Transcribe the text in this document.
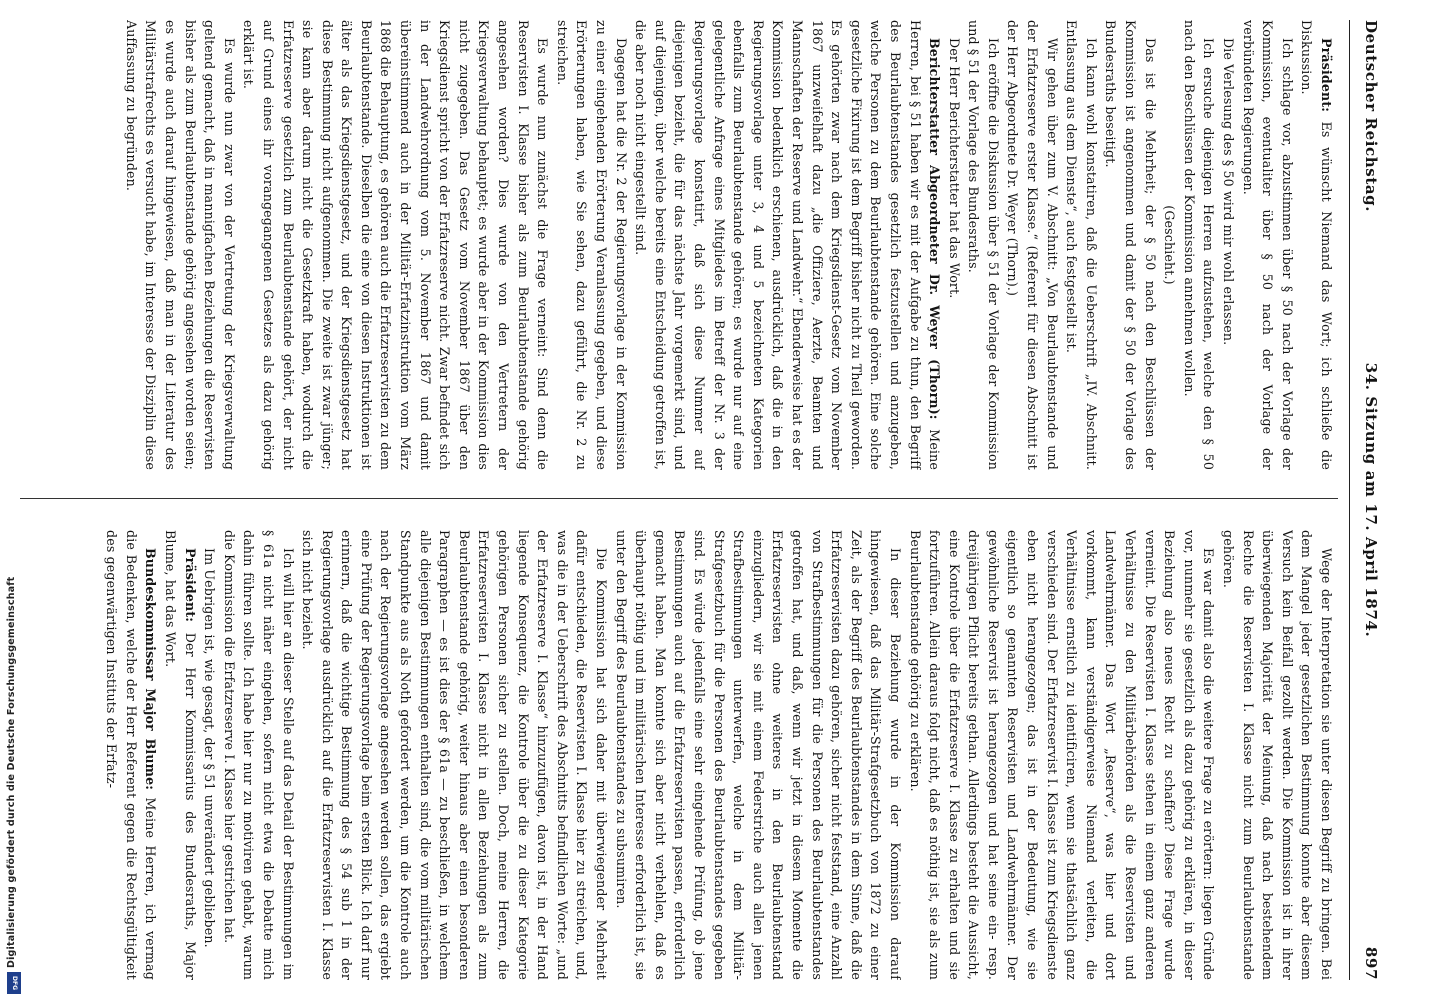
Deutscher Reichstag.
34. Sitzung am 17. April 1874.
897

Präsident: Es wünscht Niemand das Wort; ich schließe die Diskussion.

Ich schlage vor, abzustimmen über § 50 nach der Vorlage der Kommission, eventualiter über § 50 nach der Vorlage der verbündeten Regierungen.

Die Verlesung des § 50 wird mir wohl erlassen.

Ich ersuche diejenigen Herren aufzustehen, welche den § 50 nach den Beschlüssen der Kommission annehmen wollen.

(Geschieht.)

Das ist die Mehrheit; der § 50 nach den Beschlüssen der Kommission ist angenommen und damit der § 50 der Vorlage des Bundesraths beseitigt.

Ich kann wohl konstatiren, daß die Ueberschrift „IV. Abschnitt. Entlassung aus dem Dienste“, auch festgestellt ist.

Wir gehen über zum V. Abschnitt: „Von Beurlaubtenstande und der Erfatzreserve erster Klasse.“ (Referent für diesen Abschnitt ist der Herr Abgeordnete Dr. Weyer (Thorn).)

Ich eröffne die Diskussion über § 51 der Vorlage der Kommission und § 51 der Vorlage des Bundesraths.

Der Herr Berichterstatter hat das Wort.

Berichterstatter Abgeordneter Dr. Weyer (Thorn): Meine Herren, bei § 51 haben wir es mit der Aufgabe zu thun, den Begriff des Beurlaubtenstandes gesetzlich festzustellen und anzugeben, welche Personen zu dem Beurlaubtenstande gehören. Eine solche gesetzliche Fixirung ist dem Begriff bisher nicht zu Theil geworden. Es gehörten zwar nach dem Kriegsdienst-Gesetz vom November 1867 unzweifelhaft dazu „die Offiziere, Aerzte, Beamten und Mannschaften der Reserve und Landwehr.“ Ebenderweise hat es der Kommission bedenklich erschienen, ausdrücklich, daß die in den Regierungsvorlage unter 3, 4 und 5 bezeichneten Kategorien ebenfalls zum Beurlaubtenstande gehören; es wurde nur auf eine gelegentliche Anfrage eines Mitgliedes im Betreff der Nr. 3 der Regierungsvorlage konstatirt, daß sich diese Nummer auf diejenigen bezieht, die für das nächste Jahr vorgemerkt sind, und auf diejenigen, über welche bereits eine Entscheidung getroffen ist, die aber noch nicht eingestellt sind.

Dagegen hat die Nr. 2 der Regierungsvorlage in der Kommission zu einer eingehenden Erörterung Veranlassung gegeben, und diese Erörterungen haben, wie Sie sehen, dazu geführt, die Nr. 2 zu streichen.

Es wurde nun zunächst die Frage verneint: Sind denn die Reservisten I. Klasse bisher als zum Beurlaubtenstande gehörig angesehen worden? Dies wurde von den Vertretern der Kriegsverwaltung behauptet; es wurde aber in der Kommission dies nicht zugegeben. Das Gesetz vom November 1867 über den Kriegsdienst spricht von der Erfatzreserve nicht. Zwar befindet sich in der Landwehrordnung vom 5. November 1867 und damit übereinstimmend auch in der Militär-Erfatzinstruktion vom März 1868 die Behauptung, es gehören auch die Erfatzreservisten zu dem Beurlaubtenstande. Dieselben die eine von diesen Instruktionen ist älter als das Kriegsdienstgesetz, und der Kriegsdienstgesetz hat diese Bestimmung nicht aufgenommen. Die zweite ist zwar jünger; sie kann aber darum nicht die Gesetzkraft haben, wodurch die Erfatzreserve gesetzlich zum Beurlaubtenstande gehört, der nicht auf Grund eines ihr vorangegangenen Gesetzes als dazu gehörig erklärt ist.

Es wurde nun zwar von der Vertretung der Kriegsverwaltung geltend gemacht, daß in mannigfachen Beziehungen die Reservisten bisher als zum Beurlaubtenstande gehörig angesehen worden seien; es wurde auch darauf hingewiesen, daß man in der Literatur des Militärstrafrechts es versucht habe, im Interesse der Disziplin diese Auffassung zu begründen.

Wege der Interpretation sie unter diesen Begriff zu bringen. Bei dem Mangel jeder gesetzlichen Bestimmung konnte aber diesem Versuch kein Beifall gezollt werden. Die Kommission ist in ihrer überwiegenden Majorität der Meinung, daß nach bestehendem Rechte die Reservisten I. Klasse nicht zum Beurlaubtenstande gehören.

Es war damit also die weitere Frage zu erörtern: liegen Gründe vor, nunmehr sie gesetzlich als dazu gehörig zu erklären, in dieser Beziehung also neues Recht zu schaffen? Diese Frage wurde verneint. Die Reservisten I. Klasse stehen in einem ganz anderen Verhältnisse zu den Militärbehörden als die Reservisten und Landwehrmänner. Das Wort „Reserve“, was hier und dort vorkommt, kann verständigerweise Niemand verleiten, die Verhältnisse ernstlich zu identificiren, wenn sie thatsächlich ganz verschieden sind. Der Erfatzreservist I. Klasse ist zum Kriegsdienste eben nicht herangezogen; das ist in der Bedeutung, wie sie eigentlich so genannten Reservisten und Landwehrmänner. Der gewöhnliche Reservist ist herangezogen und hat seine ein- resp. dreijährigen Pflicht bereits gethan. Allerdings besteht die Aussicht, eine Kontrole über die Erfatzreserve I. Klasse zu erhalten und sie fortzuführen. Allein daraus folgt nicht, daß es nöthig ist, sie als zum Beurlaubtenstande gehörig zu erklären.

In dieser Beziehung wurde in der Kommission darauf hingewiesen, daß das Militär-Strafgesetzbuch von 1872 zu einer Zeit, als der Begriff des Beurlaubtenstandes in dem Sinne, daß die Erfatzreservisten dazu gehören, sicher nicht feststand, eine Anzahl von Strafbestimmungen für die Personen des Beurlaubtenstandes getroffen hat, und daß, wenn wir jetzt in diesem Momente die Erfatzreservisten ohne weiteres in den Beurlaubtenstand einzugliedern, wir sie mit einem Federstriche auch allen jenen Strafbestimmungen unterwerfen, welche in dem Militär-Strafgesetzbuch für die Personen des Beurlaubtenstandes gegeben sind. Es würde jedenfalls eine sehr eingehende Prüfung, ob jene Bestimmungen auch auf die Erfatzreservisten passen, erforderlich gemacht haben. Man konnte sich aber nicht verhehlen, daß es überhaupt nöthig und im militärischen Interesse erforderlich ist, sie unter den Begriff des Beurlaubtenstandes zu subsumiren.

Die Kommission hat sich daher mit überwiegender Mehrheit dafür entschieden, die Reservisten I. Klasse hier zu streichen, und, was die in der Ueberschrift des Abschnitts befindlichen Worte: „und der Erfatzreserve I. Klasse“ hinzuzufügen, davon ist, in der Hand liegende Konsequenz, die Kontrole über die zu dieser Kategorie gehörigen Personen sicher zu stellen. Doch, meine Herren, die Erfatzreservisten I. Klasse nicht in allen Beziehungen als zum Beurlaubtenstande gehörig, weiter hinaus aber einen besonderen Paragraphen — es ist dies der § 61a — zu beschließen, in welchem alle diejenigen Bestimmungen enthalten sind, die vom militärischen Standpunkte aus als Noth gefordert werden, um die Kontrole auch nach der Regierungsvorlage angesehen werden sollen, das ergiebt eine Prüfung der Regierungsvorlage beim ersten Blick. Ich darf nur erinnern, daß die wichtige Bestimmung des § 54 sub 1 in der Regierungsvorlage ausdrücklich auf die Erfatzreservisten I. Klasse sich nicht bezieht.

Ich will hier an dieser Stelle auf das Detail der Bestimmungen im § 61a nicht näher eingehen, sofern nicht etwa die Debatte mich dahin führen sollte. Ich habe hier nur zu motiviren gehabt, warum die Kommission die Erfatzreserve I. Klasse hier gestrichen hat.

Im Uebrigen ist, wie gesagt, der § 51 unverändert geblieben.

Präsident: Der Herr Kommissarius des Bundesraths, Major Blume, hat das Wort.

Bundeskommissar Major Blume: Meine Herren, ich vermag die Bedenken, welche der Herr Referent gegen die Rechtsgültigkeit des gegenwärtigen Instituts der Erfatz-

Digitalisierung gefördert durch die Deutsche Forschungsgemeinschaft
DFG
